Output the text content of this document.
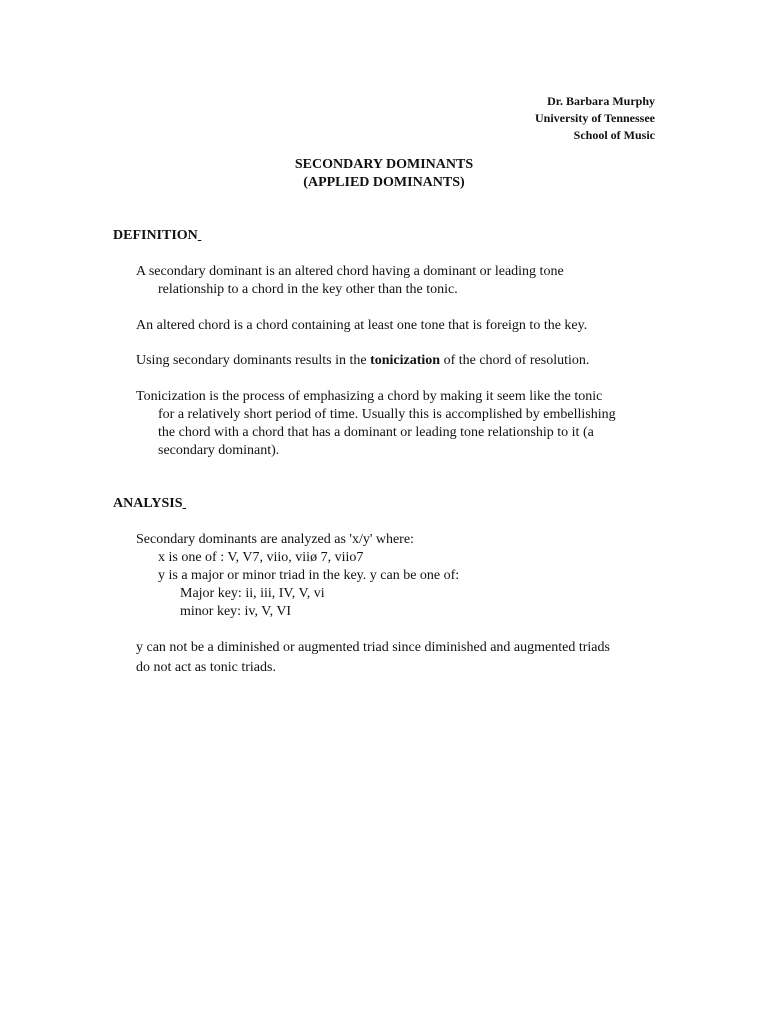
Dr. Barbara Murphy
University of Tennessee
School of Music
SECONDARY DOMINANTS
(APPLIED DOMINANTS)
DEFINITION
A secondary dominant is an altered chord having a dominant or leading tone
relationship to a chord in the key other than the tonic.
An altered chord is a chord containing at least one tone that is foreign to the key.
Using secondary dominants results in the tonicization of the chord of resolution.
Tonicization is the process of emphasizing a chord by making it seem like the tonic
for a relatively short period of time. Usually this is accomplished by embellishing
the chord with a chord that has a dominant or leading tone relationship to it (a
secondary dominant).
ANALYSIS
Secondary dominants are analyzed as 'x/y' where:
x is one of : V, V7, viio, viiø 7, viio7
y is a major or minor triad in the key. y can be one of:
Major key: ii, iii, IV, V, vi
minor key: iv, V, VI
y can not be a diminished or augmented triad since diminished and augmented triads
do not act as tonic triads.
